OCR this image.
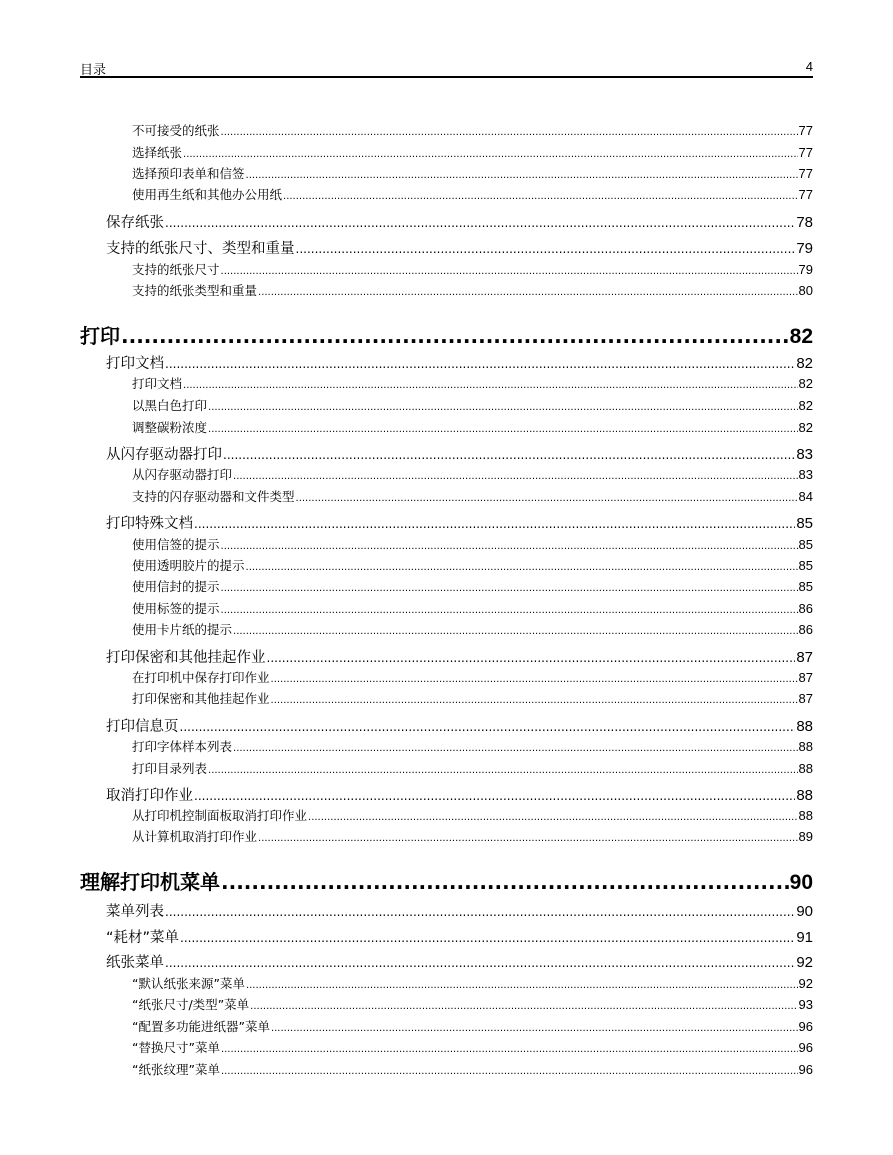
目录	4
不可接受的纸张 .....	77
选择纸张 .....	77
选择预印表单和信签 .....	77
使用再生纸和其他办公用纸 .....	77
保存纸张 .....	78
支持的纸张尺寸、类型和重量 .....	79
支持的纸张尺寸 .....	79
支持的纸张类型和重量 .....	80
打印 .....	82
打印文档 .....	82
打印文档 .....	82
以黑白色打印 .....	82
调整碳粉浓度 .....	82
从闪存驱动器打印 .....	83
从闪存驱动器打印 .....	83
支持的闪存驱动器和文件类型 .....	84
打印特殊文档 .....	85
使用信签的提示 .....	85
使用透明胶片的提示 .....	85
使用信封的提示 .....	85
使用标签的提示 .....	86
使用卡片纸的提示 .....	86
打印保密和其他挂起作业 .....	87
在打印机中保存打印作业 .....	87
打印保密和其他挂起作业 .....	87
打印信息页 .....	88
打印字体样本列表 .....	88
打印目录列表 .....	88
取消打印作业 .....	88
从打印机控制面板取消打印作业 .....	88
从计算机取消打印作业 .....	89
理解打印机菜单 .....	90
菜单列表 .....	90
“耗材”菜单 .....	91
纸张菜单 .....	92
“默认纸张来源”菜单 .....	92
“纸张尺寸/类型”菜单 .....	93
“配置多功能进纸器”菜单 .....	96
“替换尺寸”菜单 .....	96
“纸张纹理”菜单 .....	96
